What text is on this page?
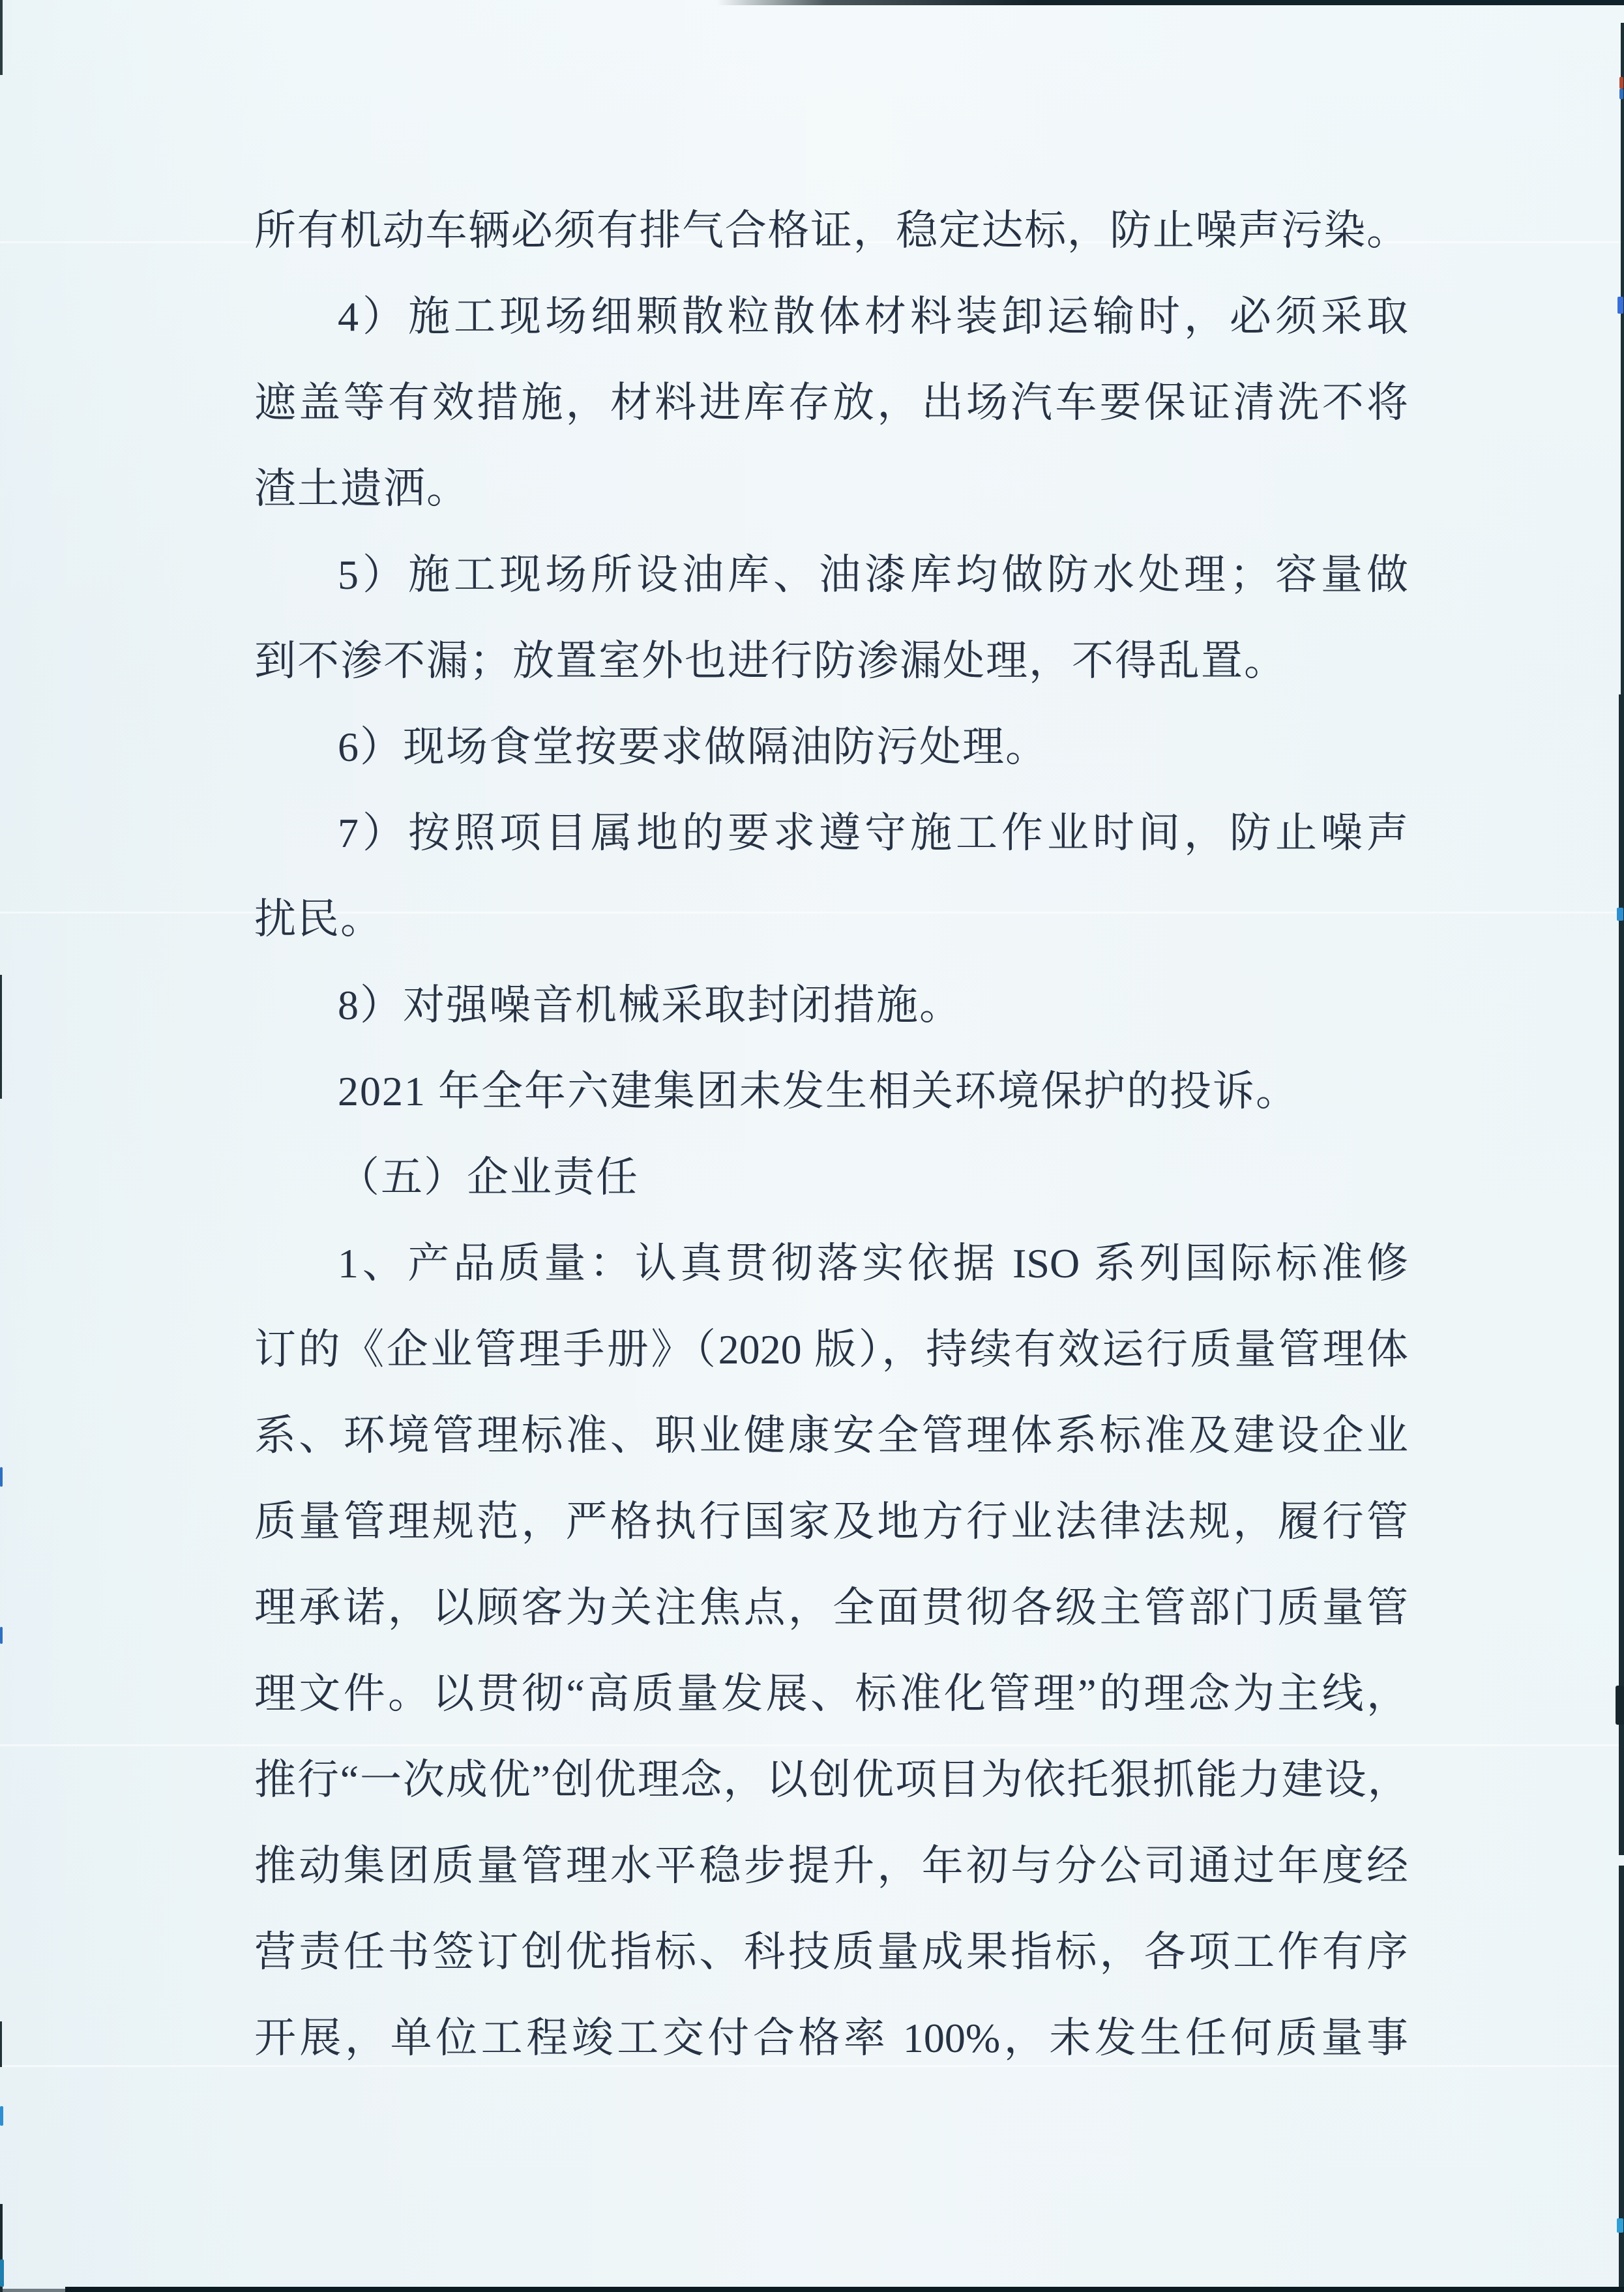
所有机动车辆必须有排气合格证，稳定达标，防止噪声污染。
4）施工现场细颗散粒散体材料装卸运输时，必须采取
遮盖等有效措施，材料进库存放，出场汽车要保证清洗不将
渣土遗洒。
5）施工现场所设油库、油漆库均做防水处理；容量做
到不渗不漏；放置室外也进行防渗漏处理，不得乱置。
6）现场食堂按要求做隔油防污处理。
7）按照项目属地的要求遵守施工作业时间，防止噪声
扰民。
8）对强噪音机械采取封闭措施。
2021 年全年六建集团未发生相关环境保护的投诉。
（五）企业责任
1、产品质量：认真贯彻落实依据 ISO 系列国际标准修
订的《企业管理手册》（2020 版），持续有效运行质量管理体
系、环境管理标准、职业健康安全管理体系标准及建设企业
质量管理规范，严格执行国家及地方行业法律法规，履行管
理承诺，以顾客为关注焦点，全面贯彻各级主管部门质量管
理文件。以贯彻“高质量发展、标准化管理”的理念为主线，
推行“一次成优”创优理念，以创优项目为依托狠抓能力建设，
推动集团质量管理水平稳步提升，年初与分公司通过年度经
营责任书签订创优指标、科技质量成果指标，各项工作有序
开展，单位工程竣工交付合格率 100%，未发生任何质量事
